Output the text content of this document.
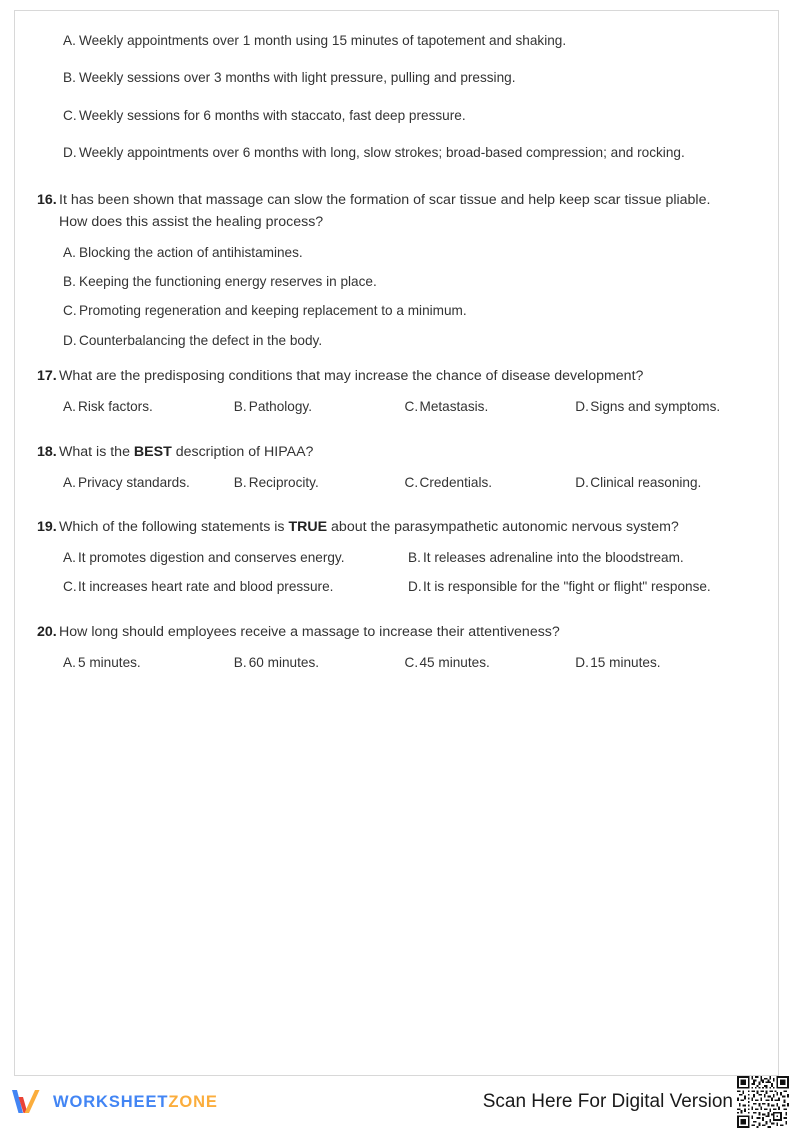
A. Weekly appointments over 1 month using 15 minutes of tapotement and shaking.
B. Weekly sessions over 3 months with light pressure, pulling and pressing.
C. Weekly sessions for 6 months with staccato, fast deep pressure.
D. Weekly appointments over 6 months with long, slow strokes; broad-based compression; and rocking.
16. It has been shown that massage can slow the formation of scar tissue and help keep scar tissue pliable. How does this assist the healing process?
A. Blocking the action of antihistamines.
B. Keeping the functioning energy reserves in place.
C. Promoting regeneration and keeping replacement to a minimum.
D. Counterbalancing the defect in the body.
17. What are the predisposing conditions that may increase the chance of disease development?
A. Risk factors.	B. Pathology.	C. Metastasis.	D. Signs and symptoms.
18. What is the BEST description of HIPAA?
A. Privacy standards.	B. Reciprocity.	C. Credentials.	D. Clinical reasoning.
19. Which of the following statements is TRUE about the parasympathetic autonomic nervous system?
A. It promotes digestion and conserves energy.	B. It releases adrenaline into the bloodstream.
C. It increases heart rate and blood pressure.	D. It is responsible for the "fight or flight" response.
20. How long should employees receive a massage to increase their attentiveness?
A. 5 minutes.	B. 60 minutes.	C. 45 minutes.	D. 15 minutes.
WORKSHEETZONE	Scan Here For Digital Version
